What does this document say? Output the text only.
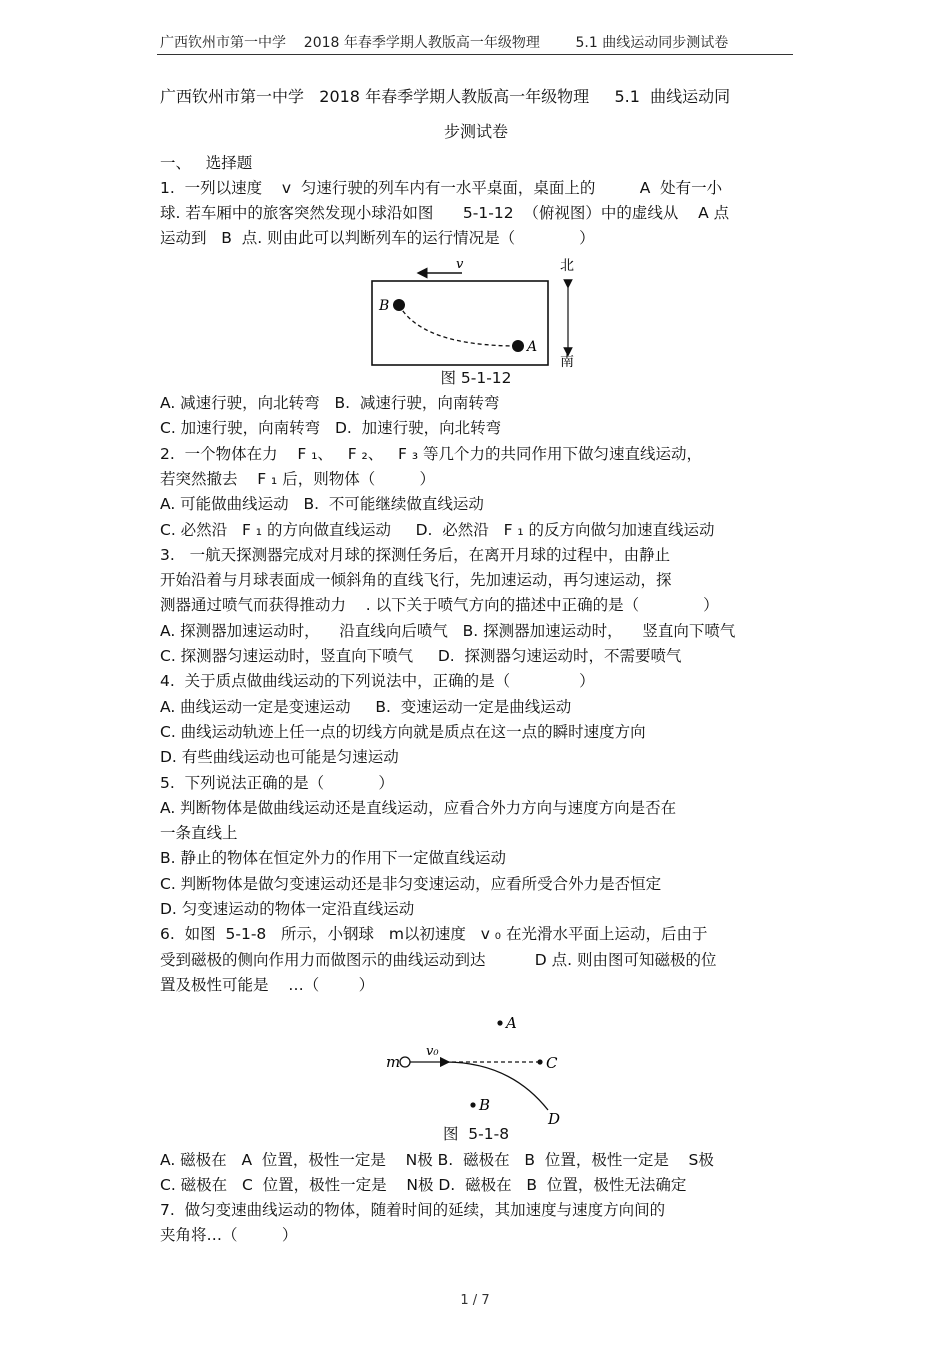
广西钦州市第一中学    2018 年春季学期人教版高一年级物理        5.1 曲线运动同步测试卷
广西钦州市第一中学   2018 年春季学期人教版高一年级物理     5.1  曲线运动同
步测试卷
一、   选择题
1.  一列以速度    v  匀速行驶的列车内有一水平桌面，桌面上的         A  处有一小
球. 若车厢中的旅客突然发现小球沿如图      5-1-12  （俯视图）中的虚线从    A 点
运动到   B  点. 则由此可以判断列车的运行情况是（             ）
v
B
A
北
南
图 5-1-12
A. 减速行驶，向北转弯   B.  减速行驶，向南转弯
C. 加速行驶，向南转弯   D.  加速行驶，向北转弯
2.  一个物体在力    F ₁、   F ₂、   F ₃ 等几个力的共同作用下做匀速直线运动，
若突然撤去    F ₁ 后，则物体（         ）
A. 可能做曲线运动   B.  不可能继续做直线运动
C. 必然沿   F ₁ 的方向做直线运动     D.  必然沿   F ₁ 的反方向做匀加速直线运动
3.   一航天探测器完成对月球的探测任务后，在离开月球的过程中，由静止
开始沿着与月球表面成一倾斜角的直线飞行，先加速运动，再匀速运动，探
测器通过喷气而获得推动力    . 以下关于喷气方向的描述中正确的是（             ）
A. 探测器加速运动时，    沿直线向后喷气   B. 探测器加速运动时，    竖直向下喷气
C. 探测器匀速运动时，竖直向下喷气     D.  探测器匀速运动时，不需要喷气
4.  关于质点做曲线运动的下列说法中，正确的是（              ）
A. 曲线运动一定是变速运动     B.  变速运动一定是曲线运动
C. 曲线运动轨迹上任一点的切线方向就是质点在这一点的瞬时速度方向
D. 有些曲线运动也可能是匀速运动
5.  下列说法正确的是（           ）
A. 判断物体是做曲线运动还是直线运动，应看合外力方向与速度方向是否在
一条直线上
B. 静止的物体在恒定外力的作用下一定做直线运动
C. 判断物体是做匀变速运动还是非匀变速运动，应看所受合外力是否恒定
D. 匀变速运动的物体一定沿直线运动
6.  如图  5-1-8   所示，小钢球   m以初速度   v ₀ 在光滑水平面上运动，后由于
受到磁极的侧向作用力而做图示的曲线运动到达          D 点. 则由图可知磁极的位
置及极性可能是    …（        ）
A
m
v₀
C
D
B
图  5-1-8
A. 磁极在   A  位置，极性一定是    N极 B.  磁极在   B  位置，极性一定是    S极
C. 磁极在   C  位置，极性一定是    N极 D.  磁极在   B  位置，极性无法确定
7.  做匀变速曲线运动的物体，随着时间的延续，其加速度与速度方向间的
夹角将…（         ）
1 / 7
